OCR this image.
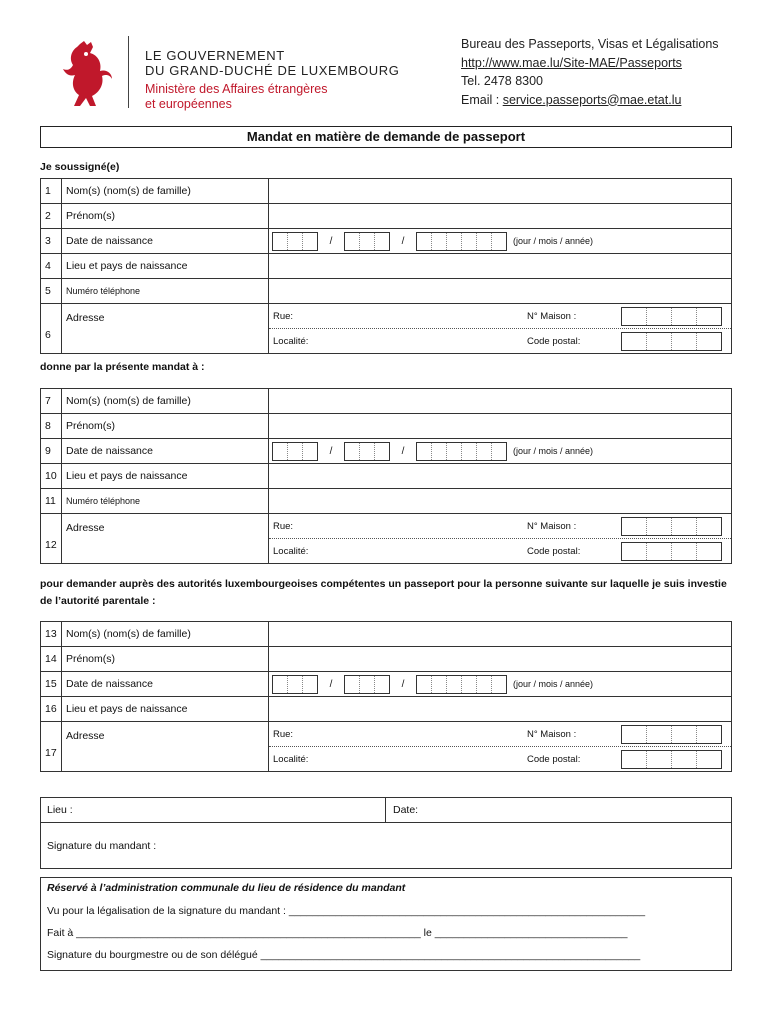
LE GOUVERNEMENT
DU GRAND-DUCHÉ DE LUXEMBOURG
Ministère des Affaires étrangères
et européennes
Bureau des Passeports, Visas et Légalisations
http://www.mae.lu/Site-MAE/Passeports
Tel. 2478 8300
Email : service.passeports@mae.etat.lu
Mandat en matière de demande de passeport
Je soussigné(e)
1	Nom(s) (nom(s) de famille)	
2	Prénom(s)	
3	Date de naissance	/ / (jour / mois / année)

4	Lieu et pays de naissance	
5	Numéro téléphone	
6	Adresse	Rue: N° Maison :
Localité: Code postal:
donne par la présente mandat à :
7	Nom(s) (nom(s) de famille)	
8	Prénom(s)	
9	Date de naissance	/ / (jour / mois / année)

10	Lieu et pays de naissance	
11	Numéro téléphone	
12	Adresse	Rue: N° Maison :
Localité: Code postal:
pour demander auprès des autorités luxembourgeoises compétentes un passeport pour la personne suivante sur laquelle je suis investie de l’autorité parentale :
13	Nom(s) (nom(s) de famille)	
14	Prénom(s)	
15	Date de naissance	/ / (jour / mois / année)

16	Lieu et pays de naissance	
17	Adresse	Rue: N° Maison :
Localité: Code postal:
Lieu :	Date:
Signature du mandant :
Réservé à l’administration communale du lieu de résidence du mandant
Vu pour la légalisation de la signature du mandant : _____________________________________________________________
Fait à ___________________________________________________________ le _________________________________
Signature du bourgmestre ou de son délégué _________________________________________________________________
